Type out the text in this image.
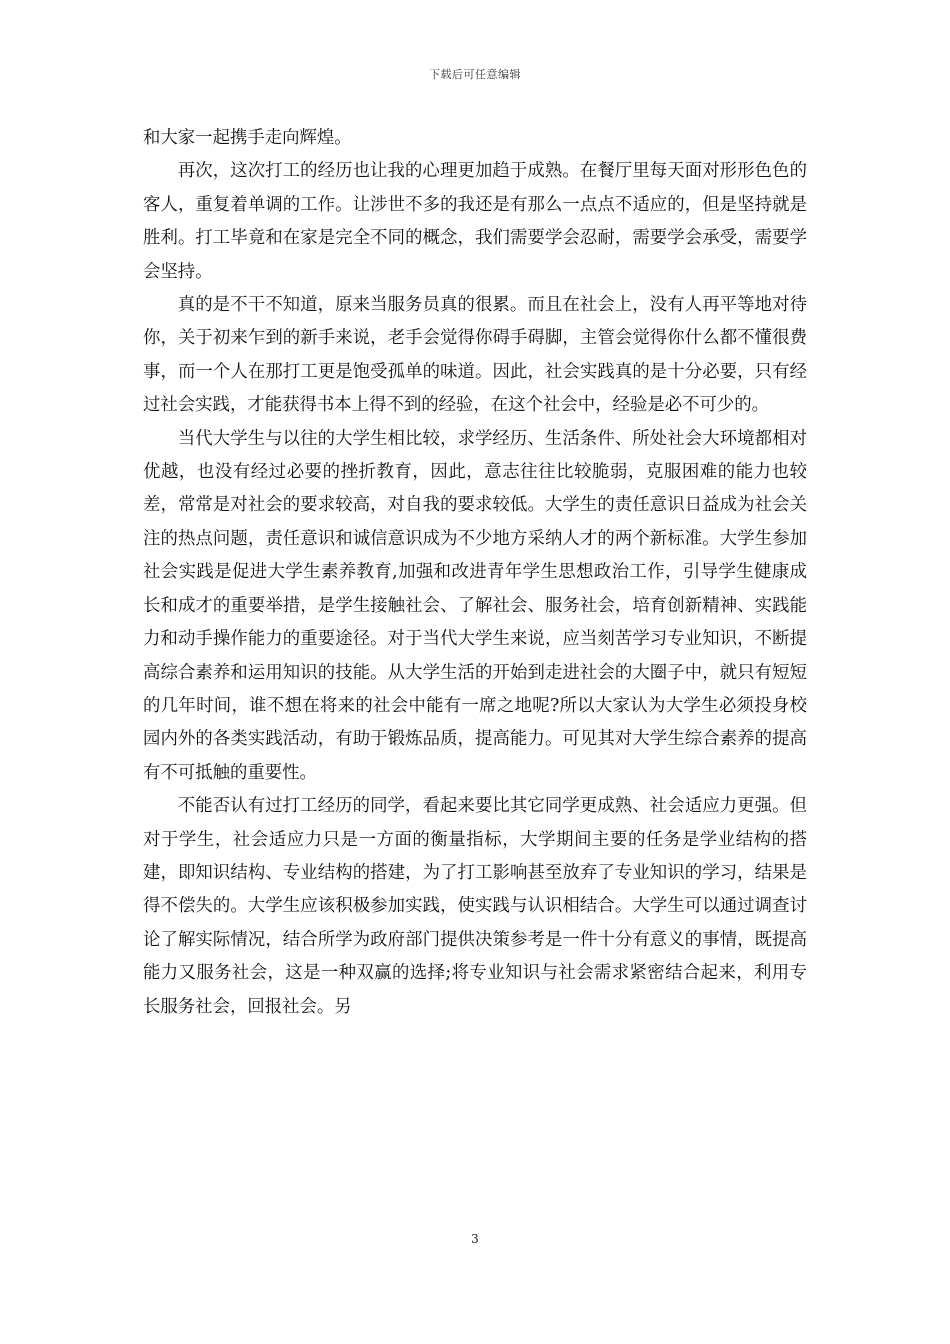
下载后可任意编辑

和大家一起携手走向辉煌。

再次，这次打工的经历也让我的心理更加趋于成熟。在餐厅里每天面对形形色色的客人，重复着单调的工作。让涉世不多的我还是有那么一点点不适应的，但是坚持就是胜利。打工毕竟和在家是完全不同的概念，我们需要学会忍耐，需要学会承受，需要学会坚持。

真的是不干不知道，原来当服务员真的很累。而且在社会上，没有人再平等地对待你，关于初来乍到的新手来说，老手会觉得你碍手碍脚，主管会觉得你什么都不懂很费事，而一个人在那打工更是饱受孤单的味道。因此，社会实践真的是十分必要，只有经过社会实践，才能获得书本上得不到的经验，在这个社会中，经验是必不可少的。

当代大学生与以往的大学生相比较，求学经历、生活条件、所处社会大环境都相对优越，也没有经过必要的挫折教育，因此，意志往往比较脆弱，克服困难的能力也较差，常常是对社会的要求较高，对自我的要求较低。大学生的责任意识日益成为社会关注的热点问题，责任意识和诚信意识成为不少地方采纳人才的两个新标准。大学生参加社会实践是促进大学生素养教育,加强和改进青年学生思想政治工作，引导学生健康成长和成才的重要举措，是学生接触社会、了解社会、服务社会，培育创新精神、实践能力和动手操作能力的重要途径。对于当代大学生来说，应当刻苦学习专业知识，不断提高综合素养和运用知识的技能。从大学生活的开始到走进社会的大圈子中，就只有短短的几年时间，谁不想在将来的社会中能有一席之地呢?所以大家认为大学生必须投身校园内外的各类实践活动，有助于锻炼品质，提高能力。可见其对大学生综合素养的提高有不可抵触的重要性。

不能否认有过打工经历的同学，看起来要比其它同学更成熟、社会适应力更强。但对于学生，社会适应力只是一方面的衡量指标，大学期间主要的任务是学业结构的搭建，即知识结构、专业结构的搭建，为了打工影响甚至放弃了专业知识的学习，结果是得不偿失的。大学生应该积极参加实践，使实践与认识相结合。大学生可以通过调查讨论了解实际情况，结合所学为政府部门提供决策参考是一件十分有意义的事情，既提高能力又服务社会，这是一种双赢的选择;将专业知识与社会需求紧密结合起来，利用专长服务社会，回报社会。另

3
